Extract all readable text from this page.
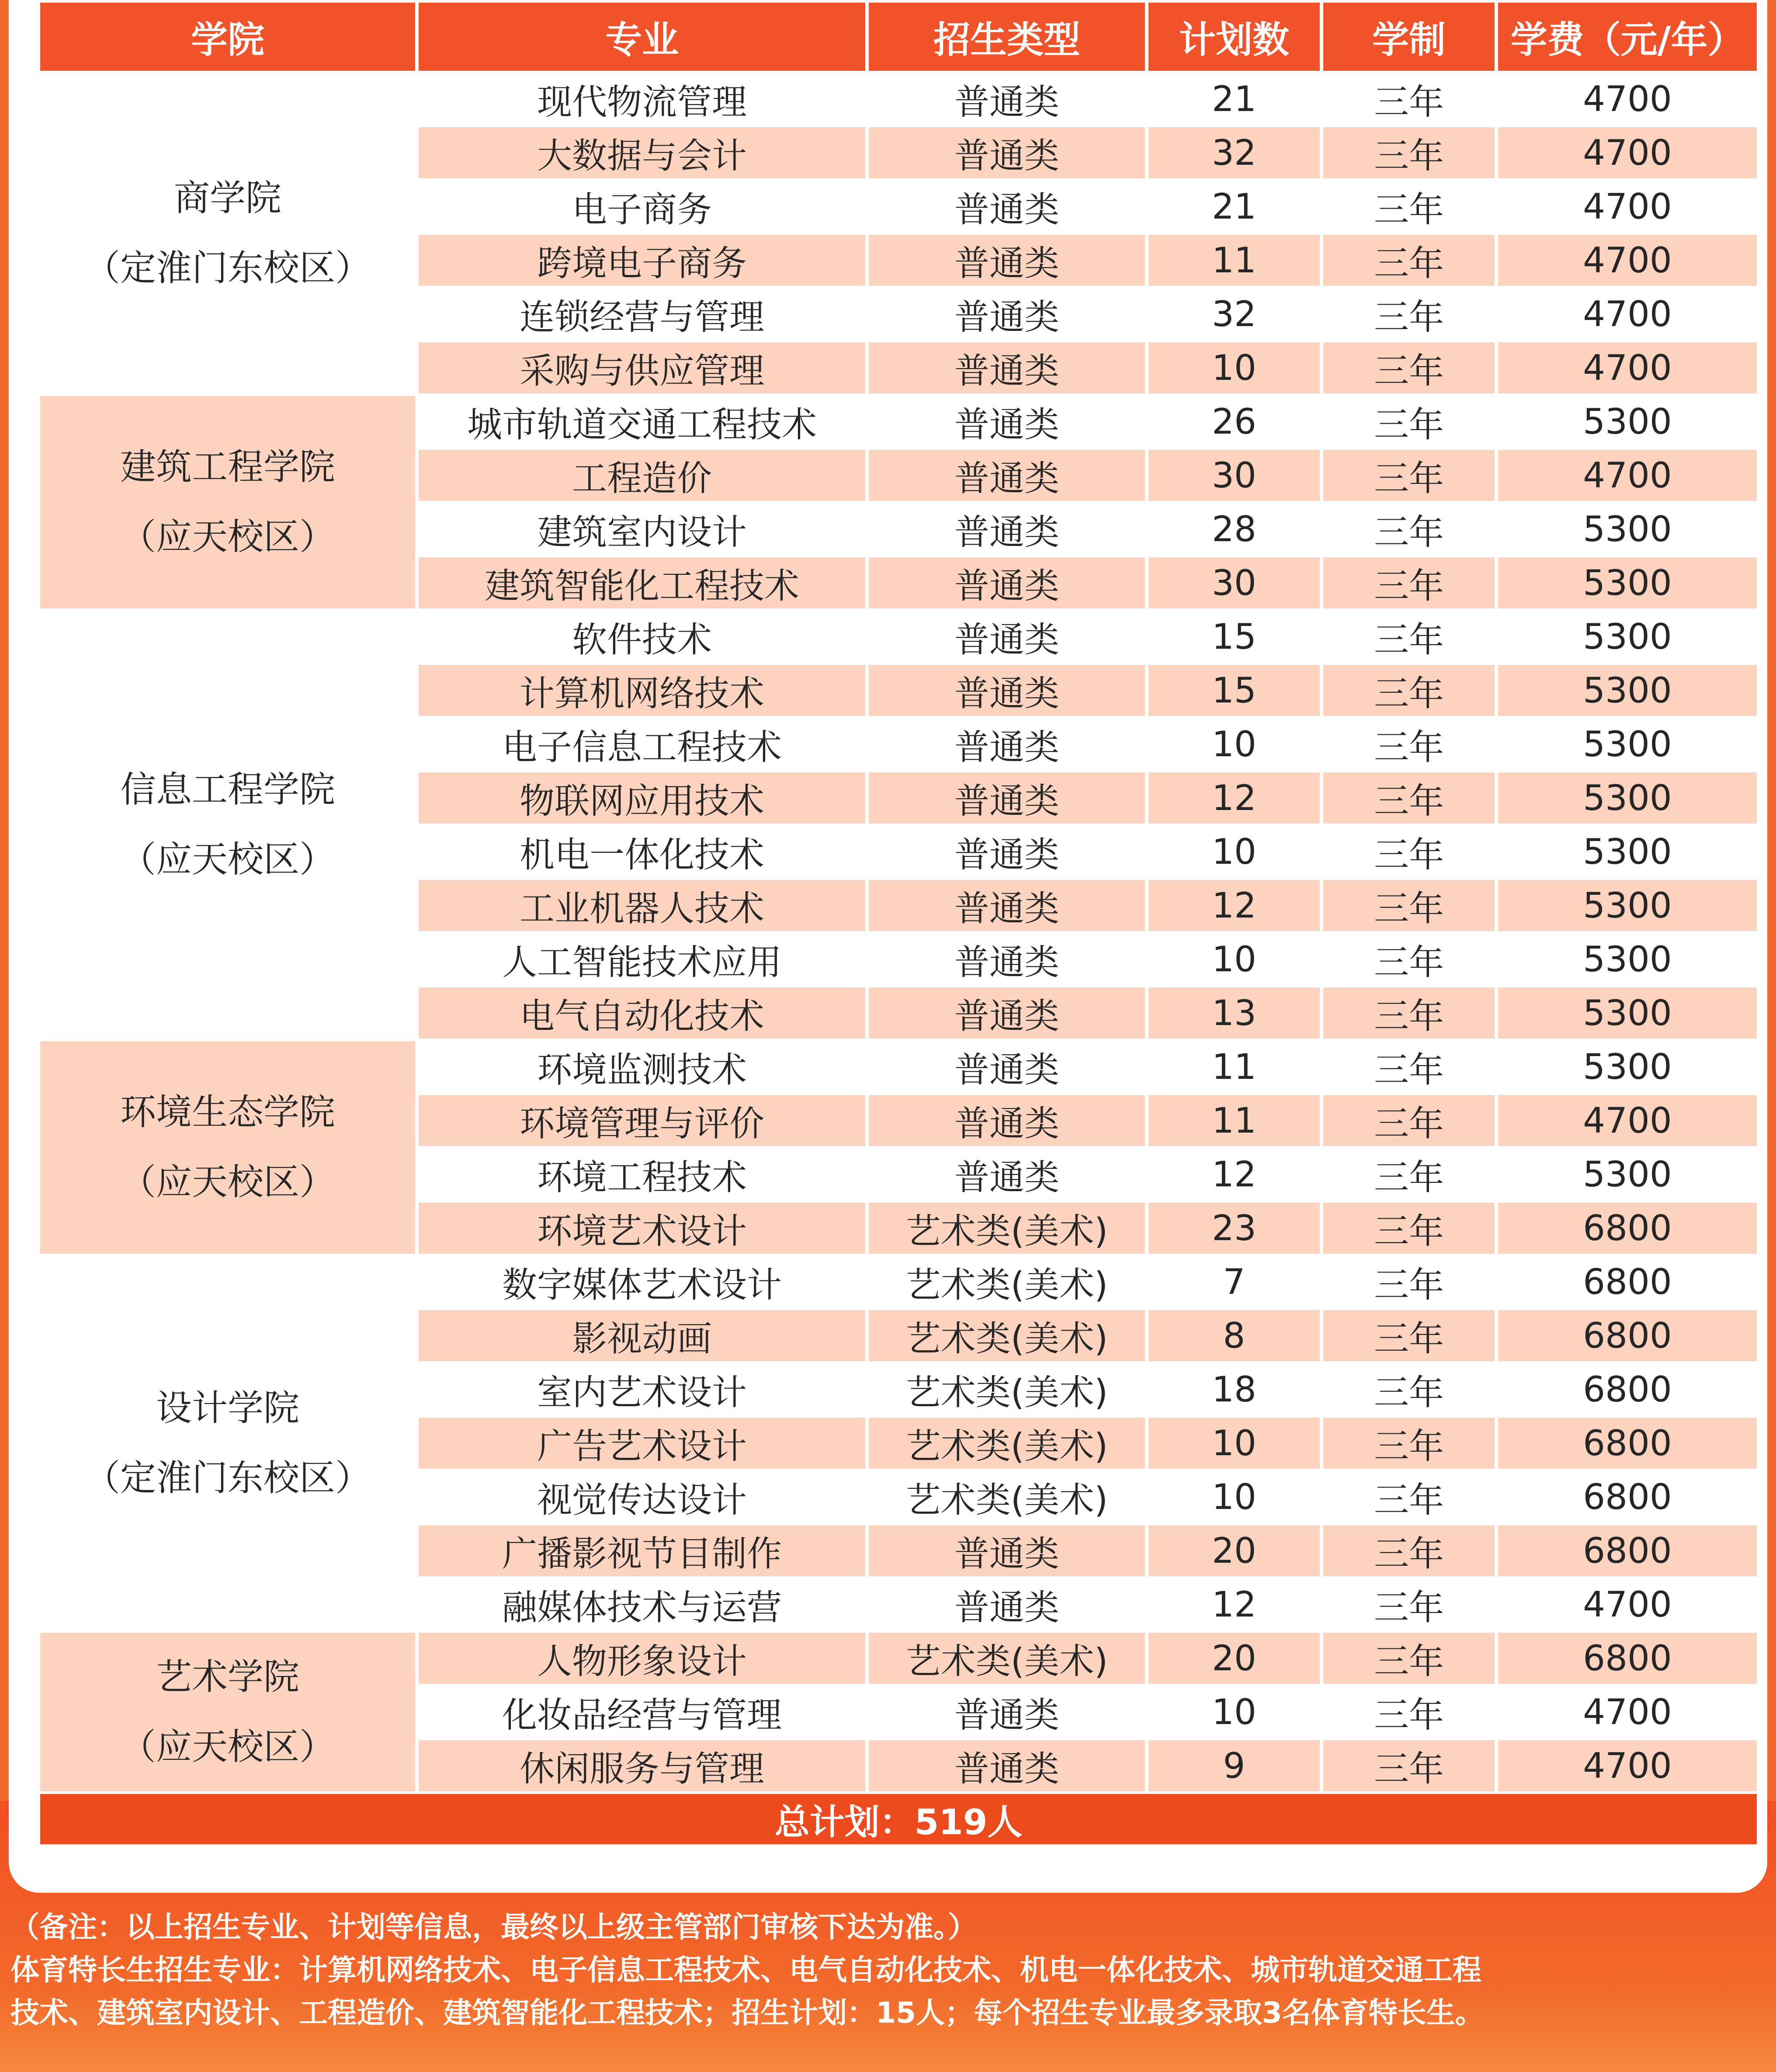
学院	专业	招生类型	计划数	学制	学费（元/年）

商学院
（定淮门东校区）	现代物流管理	普通类	21	三年	4700
	大数据与会计	普通类	32	三年	4700
	电子商务	普通类	21	三年	4700
	跨境电子商务	普通类	11	三年	4700
	连锁经营与管理	普通类	32	三年	4700
	采购与供应管理	普通类	10	三年	4700

建筑工程学院
（应天校区）	城市轨道交通工程技术	普通类	26	三年	5300
	工程造价	普通类	30	三年	4700
	建筑室内设计	普通类	28	三年	5300
	建筑智能化工程技术	普通类	30	三年	5300

信息工程学院
（应天校区）	软件技术	普通类	15	三年	5300
	计算机网络技术	普通类	15	三年	5300
	电子信息工程技术	普通类	10	三年	5300
	物联网应用技术	普通类	12	三年	5300
	机电一体化技术	普通类	10	三年	5300
	工业机器人技术	普通类	12	三年	5300
	人工智能技术应用	普通类	10	三年	5300
	电气自动化技术	普通类	13	三年	5300

环境生态学院
（应天校区）	环境监测技术	普通类	11	三年	5300
	环境管理与评价	普通类	11	三年	4700
	环境工程技术	普通类	12	三年	5300
	环境艺术设计	艺术类(美术)	23	三年	6800

设计学院
（定淮门东校区）	数字媒体艺术设计	艺术类(美术)	7	三年	6800
	影视动画	艺术类(美术)	8	三年	6800
	室内艺术设计	艺术类(美术)	18	三年	6800
	广告艺术设计	艺术类(美术)	10	三年	6800
	视觉传达设计	艺术类(美术)	10	三年	6800
	广播影视节目制作	普通类	20	三年	6800
	融媒体技术与运营	普通类	12	三年	4700

艺术学院
（应天校区）	人物形象设计	艺术类(美术)	20	三年	6800
	化妆品经营与管理	普通类	10	三年	4700
	休闲服务与管理	普通类	9	三年	4700
总计划：519人					

（备注：以上招生专业、计划等信息，最终以上级主管部门审核下达为准。）

体育特长生招生专业：计算机网络技术、电子信息工程技术、电气自动化技术、机电一体化技术、城市轨道交通工程

技术、建筑室内设计、工程造价、建筑智能化工程技术；招生计划：15人；每个招生专业最多录取3名体育特长生。
